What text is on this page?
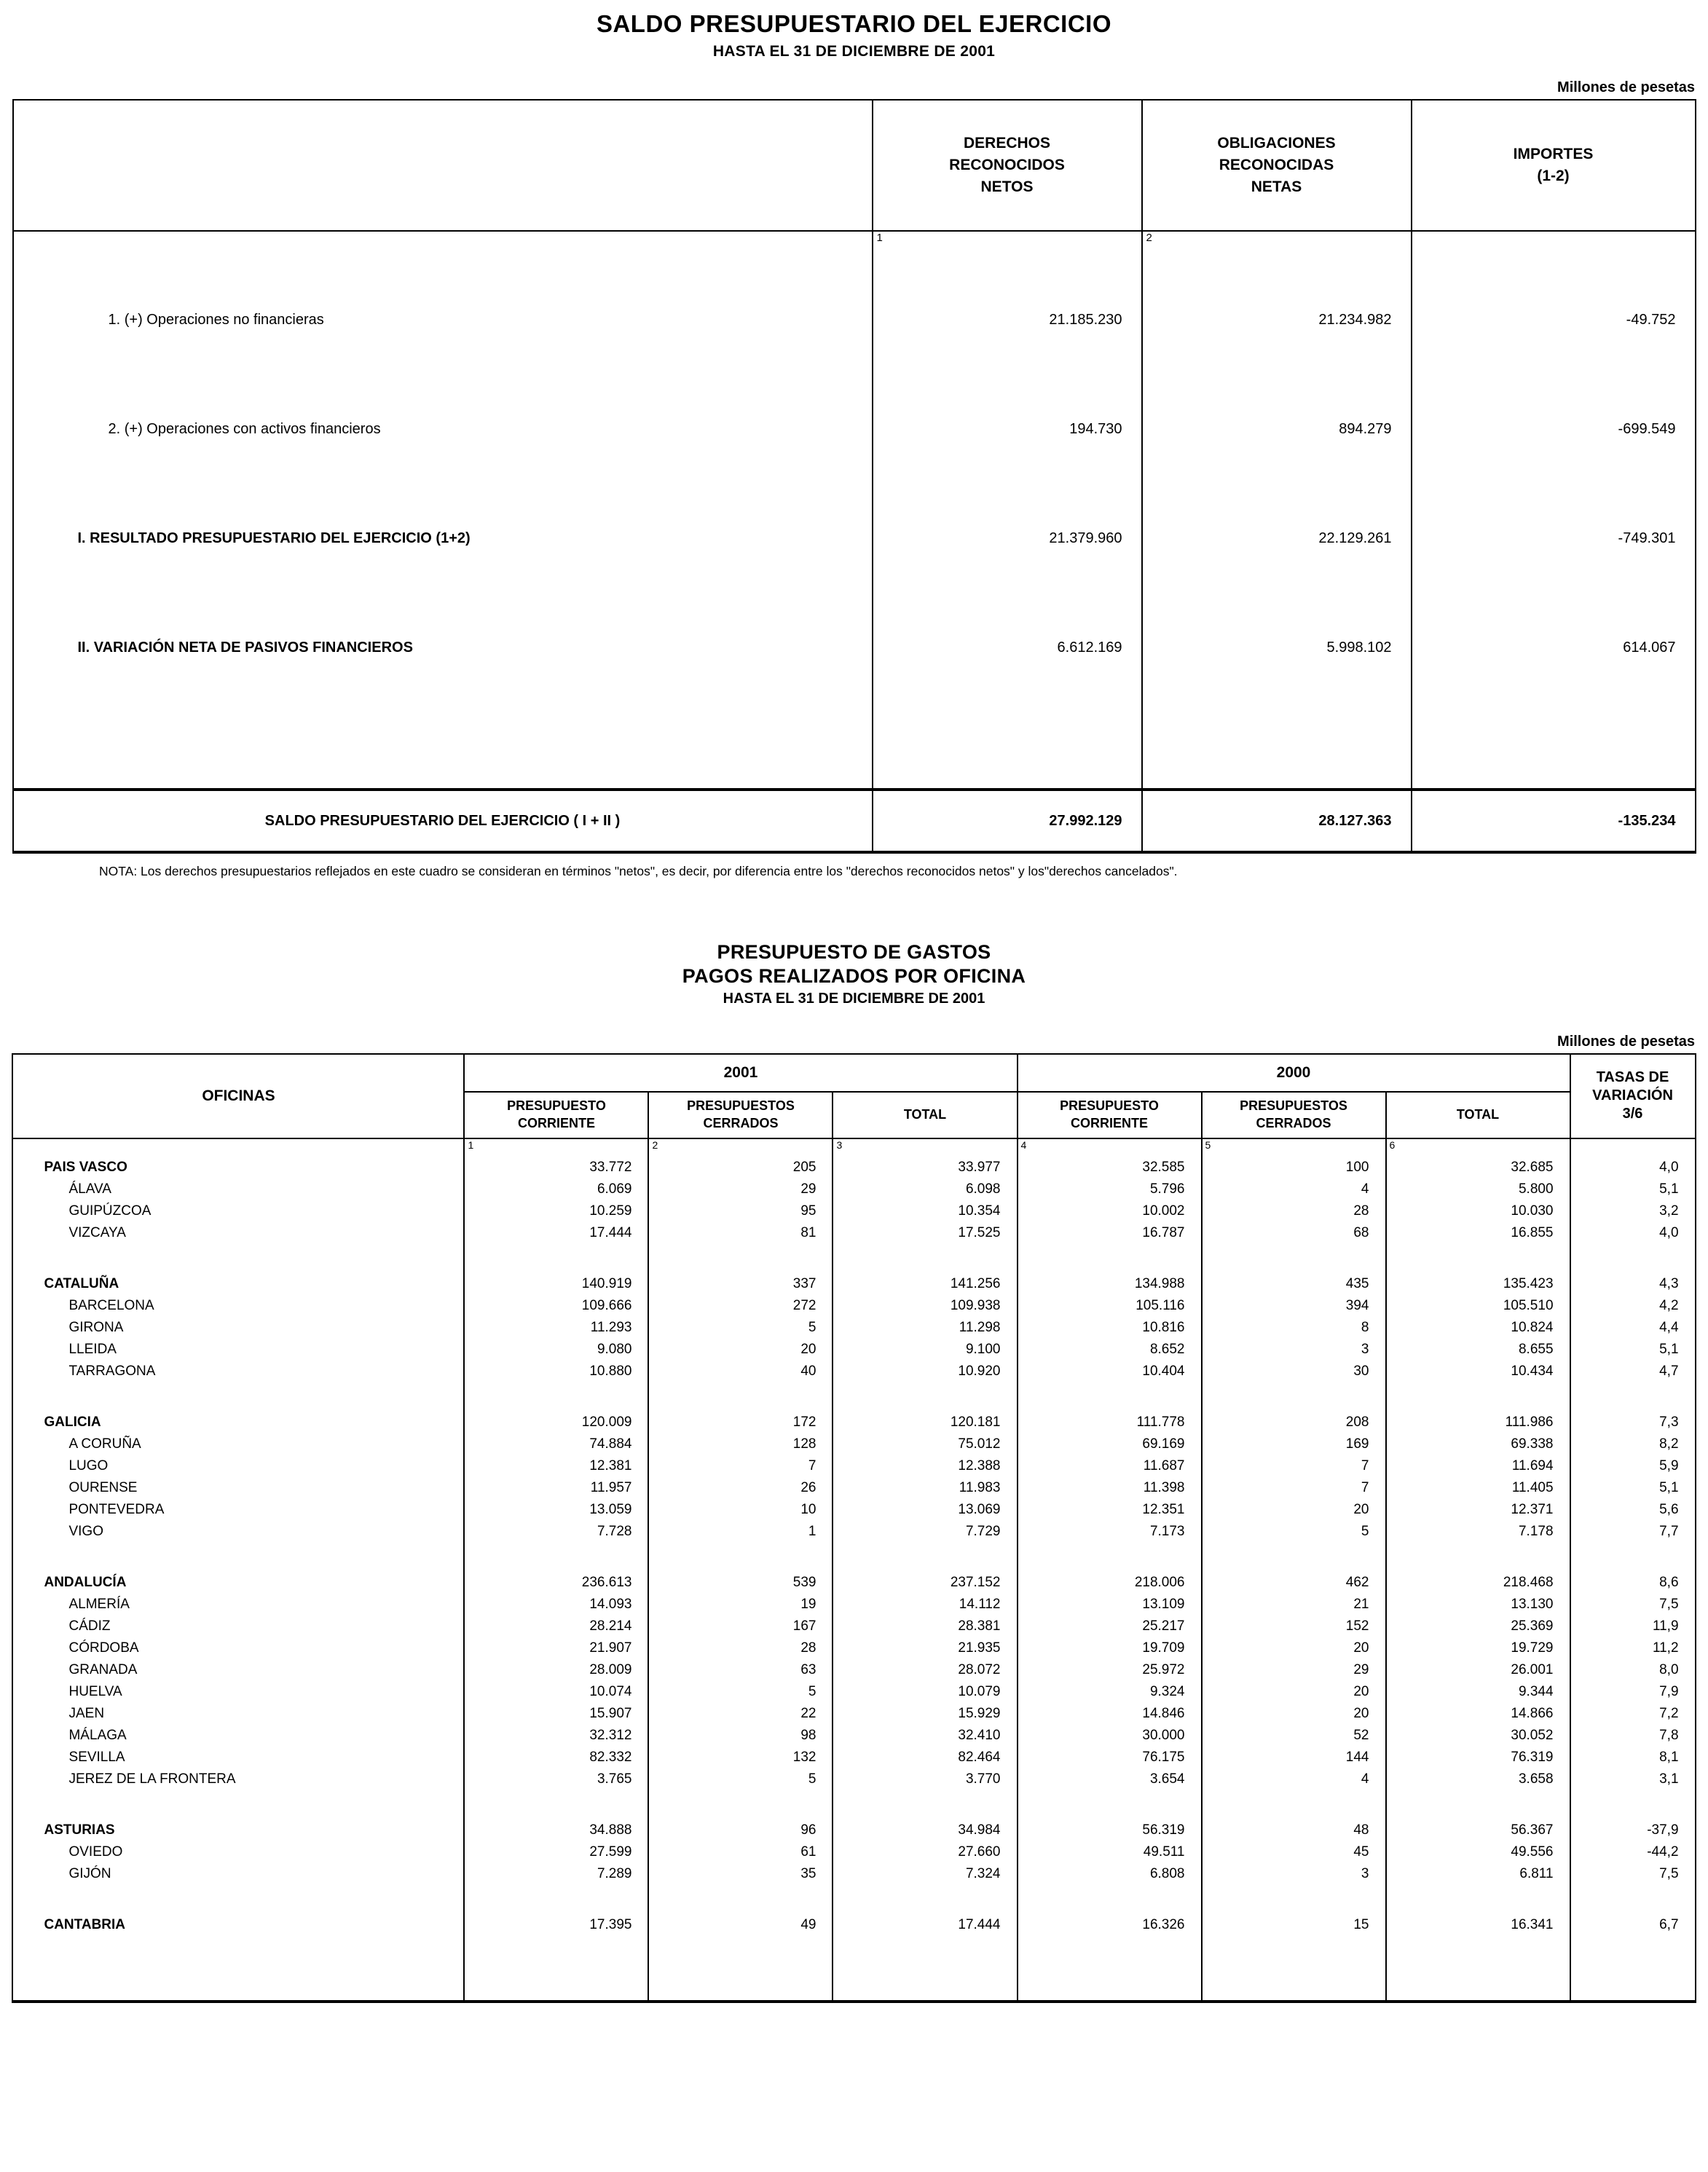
SALDO PRESUPUESTARIO DEL EJERCICIO
HASTA EL 31 DE DICIEMBRE DE 2001
Millones de pesetas

DERECHOS
RECONOCIDOS
NETOS

OBLIGACIONES
RECONOCIDAS
NETAS

IMPORTES
(1-2)

	1	2	
1. (+) Operaciones no financieras	21.185.230	21.234.982	-49.752
2. (+) Operaciones con activos financieros	194.730	894.279	-699.549
I. RESULTADO PRESUPUESTARIO DEL EJERCICIO (1+2)	21.379.960	22.129.261	-749.301
II. VARIACIÓN NETA DE PASIVOS FINANCIEROS	6.612.169	5.998.102	614.067

SALDO PRESUPUESTARIO DEL EJERCICIO ( I + II )	27.992.129	28.127.363	-135.234
NOTA: Los derechos presupuestarios reflejados en este cuadro se consideran en términos "netos", es decir, por diferencia entre los "derechos reconocidos netos" y los"derechos cancelados".
PRESUPUESTO DE GASTOS
PAGOS REALIZADOS POR OFICINA
HASTA EL 31 DE DICIEMBRE DE 2001
Millones de pesetas
OFICINAS	2001			2000			TASAS DE
VARIACIÓN
3/6

PRESUPUESTO
CORRIENTE

PRESUPUESTOS
CERRADOS
	TOTAL	
PRESUPUESTO
CORRIENTE

PRESUPUESTOS
CERRADOS
	TOTAL
	1	2	3	4	5	6	
PAIS VASCO	33.772	205	33.977	32.585	100	32.685	4,0
ÁLAVA	6.069	29	6.098	5.796	4	5.800	5,1
GUIPÚZCOA	10.259	95	10.354	10.002	28	10.030	3,2
VIZCAYA	17.444	81	17.525	16.787	68	16.855	4,0

CATALUÑA	140.919	337	141.256	134.988	435	135.423	4,3
BARCELONA	109.666	272	109.938	105.116	394	105.510	4,2
GIRONA	11.293	5	11.298	10.816	8	10.824	4,4
LLEIDA	9.080	20	9.100	8.652	3	8.655	5,1
TARRAGONA	10.880	40	10.920	10.404	30	10.434	4,7

GALICIA	120.009	172	120.181	111.778	208	111.986	7,3
A CORUÑA	74.884	128	75.012	69.169	169	69.338	8,2
LUGO	12.381	7	12.388	11.687	7	11.694	5,9
OURENSE	11.957	26	11.983	11.398	7	11.405	5,1
PONTEVEDRA	13.059	10	13.069	12.351	20	12.371	5,6
VIGO	7.728	1	7.729	7.173	5	7.178	7,7

ANDALUCÍA	236.613	539	237.152	218.006	462	218.468	8,6
ALMERÍA	14.093	19	14.112	13.109	21	13.130	7,5
CÁDIZ	28.214	167	28.381	25.217	152	25.369	11,9
CÓRDOBA	21.907	28	21.935	19.709	20	19.729	11,2
GRANADA	28.009	63	28.072	25.972	29	26.001	8,0
HUELVA	10.074	5	10.079	9.324	20	9.344	7,9
JAEN	15.907	22	15.929	14.846	20	14.866	7,2
MÁLAGA	32.312	98	32.410	30.000	52	30.052	7,8
SEVILLA	82.332	132	82.464	76.175	144	76.319	8,1
JEREZ DE LA FRONTERA	3.765	5	3.770	3.654	4	3.658	3,1

ASTURIAS	34.888	96	34.984	56.319	48	56.367	-37,9
OVIEDO	27.599	61	27.660	49.511	45	49.556	-44,2
GIJÓN	7.289	35	7.324	6.808	3	6.811	7,5

CANTABRIA	17.395	49	17.444	16.326	15	16.341	6,7
